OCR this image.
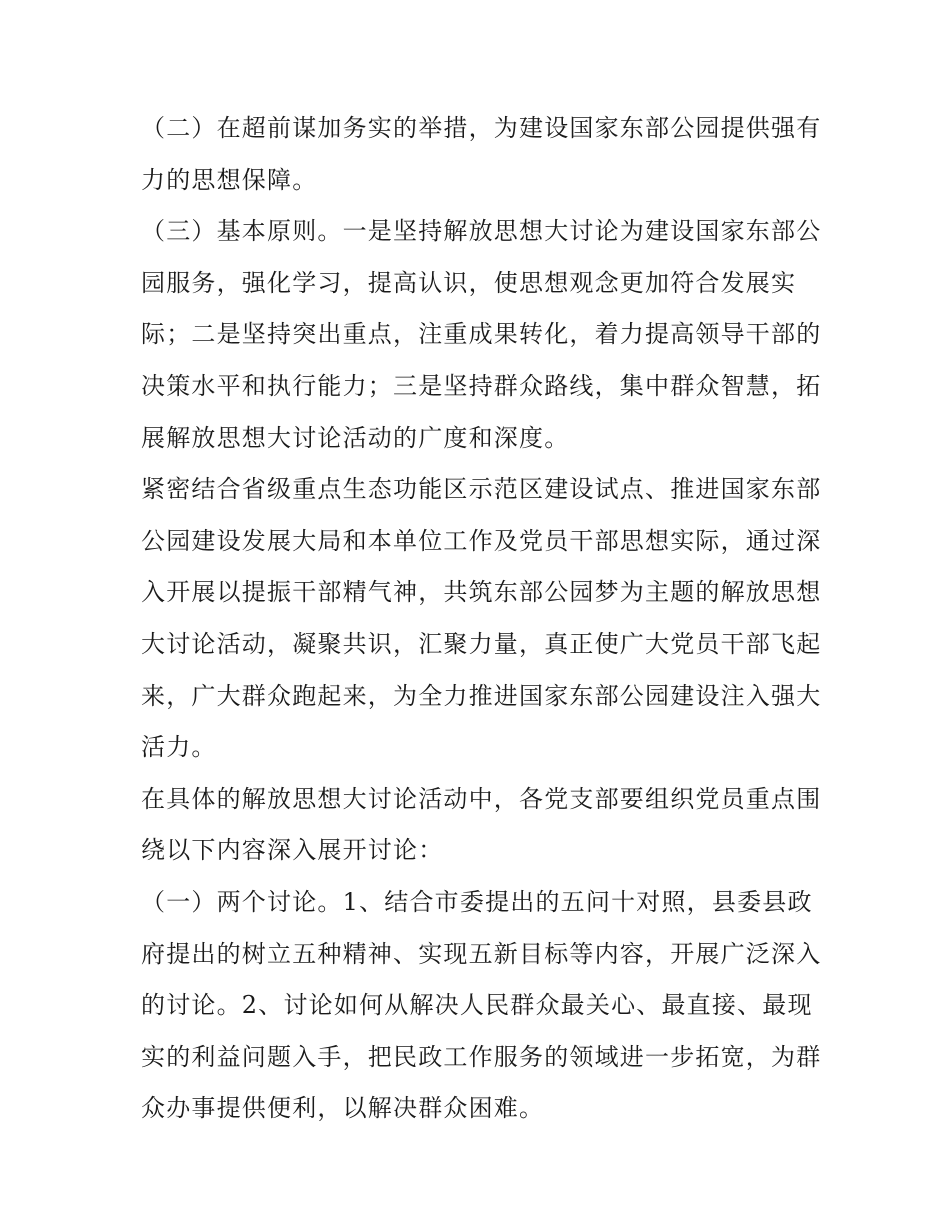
（二）在超前谋加务实的举措，为建设国家东部公园提供强有
力的思想保障。

（三）基本原则。一是坚持解放思想大讨论为建设国家东部公
园服务，强化学习，提高认识，使思想观念更加符合发展实
际；二是坚持突出重点，注重成果转化，着力提高领导干部的
决策水平和执行能力；三是坚持群众路线，集中群众智慧，拓
展解放思想大讨论活动的广度和深度。

紧密结合省级重点生态功能区示范区建设试点、推进国家东部
公园建设发展大局和本单位工作及党员干部思想实际，通过深
入开展以提振干部精气神，共筑东部公园梦为主题的解放思想
大讨论活动，凝聚共识，汇聚力量，真正使广大党员干部飞起
来，广大群众跑起来，为全力推进国家东部公园建设注入强大
活力。

在具体的解放思想大讨论活动中，各党支部要组织党员重点围
绕以下内容深入展开讨论：

（一）两个讨论。1、结合市委提出的五问十对照，县委县政
府提出的树立五种精神、实现五新目标等内容，开展广泛深入
的讨论。2、讨论如何从解决人民群众最关心、最直接、最现
实的利益问题入手，把民政工作服务的领域进一步拓宽，为群
众办事提供便利，以解决群众困难。
